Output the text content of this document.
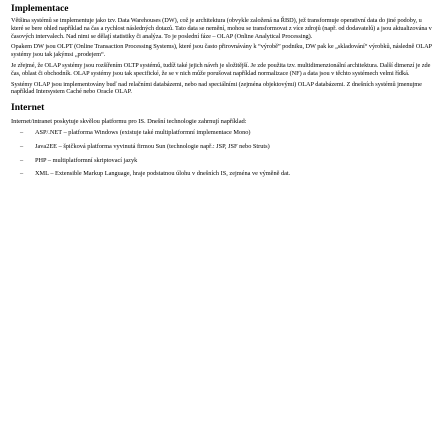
Implementace

Většina systémů se implementuje jako tzv. Data Warehouses (DW), což je architektura (obvykle založená na ŘBD), jež transformuje operativní data do jiné podoby, u které se bere ohled například na čas a rychlost následných dotazů. Tato data se nemění, mohou se transformovat z více zdrojů (např. od dodavatelů) a jsou aktualizována v časových intervalech. Nad nimi se dělají statistiky či analýza. To je poslední fáze – OLAP (Online Analytical Processing).

Opakem DW jsou OLPT (Online Transaction Processing Systems), které jsou často přirovnávány k “výrobě” podniku, DW pak ke „skladování“ výrobků, následně OLAP systémy jsou tak jakýmsi „prodejem“.

Je zřejmé, že OLAP systémy jsou rozšířením OLTP systémů, tudíž také jejich návrh je složitější. Je zde použita tzv. multidimenzionální architektura. Další dimenzí je zde čas, oblast či obchodník. OLAP systémy jsou tak specifické, že se v nich může porušovat například normalizace (NF) a data jsou v těchto systémech velmi řídká.

Systémy OLAP jsou implementovány buď nad relačními databázemi, nebo nad speciálními (zejména objektovými) OLAP databázemi. Z dnešních systémů jmenujme například Intersystem Caché nebo Oracle OLAP.

Internet

Internet/intranet poskytuje skvělou platformu pro IS. Dnešní technologie zahrnují například:

–	ASP/.NET – platforma Windows (existuje také multiplatformní implementace Mono)
–	Java2EE – špičková platforma vyvinutá firmou Sun (technologie např.: JSP, JSF nebo Struts)
–	PHP – multiplatformní skriptovací jazyk
–	XML – Extensible Markup Language, hraje podstatnou úlohu v dnešních IS, zejména ve výměně dat.
